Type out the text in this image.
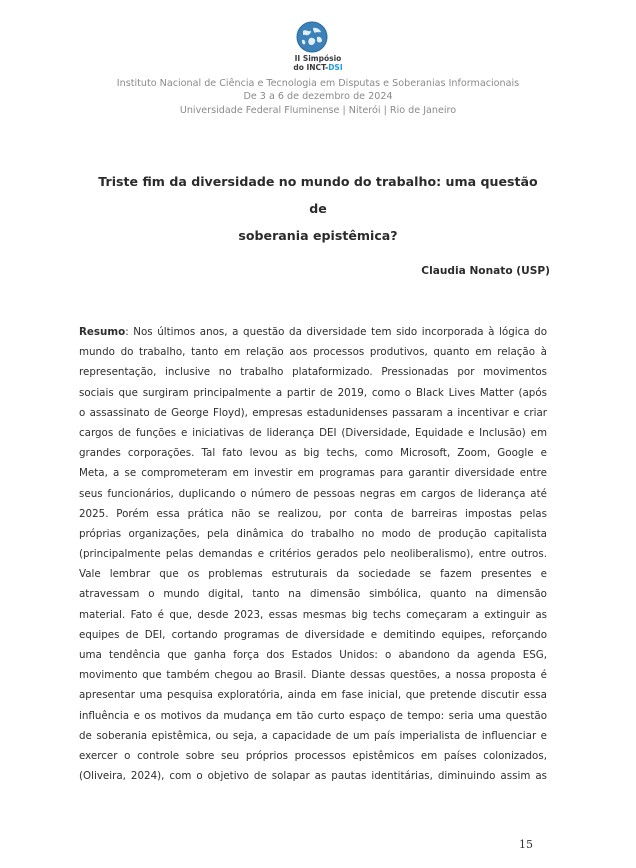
II Simpósio
do INCT-DSI
Instituto Nacional de Ciência e Tecnologia em Disputas e Soberanias Informacionais
De 3 a 6 de dezembro de 2024
Universidade Federal Fluminense | Niterói | Rio de Janeiro
Triste fim da diversidade no mundo do trabalho: uma questão de
soberania epistêmica?
Claudia Nonato (USP)
Resumo: Nos últimos anos, a questão da diversidade tem sido incorporada à lógica do
mundo do trabalho, tanto em relação aos processos produtivos, quanto em relação à
representação, inclusive no trabalho plataformizado. Pressionadas por movimentos
sociais que surgiram principalmente a partir de 2019, como o Black Lives Matter (após
o assassinato de George Floyd), empresas estadunidenses passaram a incentivar e criar
cargos de funções e iniciativas de liderança DEI (Diversidade, Equidade e Inclusão) em
grandes corporações. Tal fato levou as big techs, como Microsoft, Zoom, Google e
Meta, a se comprometeram em investir em programas para garantir diversidade entre
seus funcionários, duplicando o número de pessoas negras em cargos de liderança até
2025. Porém essa prática não se realizou, por conta de barreiras impostas pelas
próprias organizações, pela dinâmica do trabalho no modo de produção capitalista
(principalmente pelas demandas e critérios gerados pelo neoliberalismo), entre outros.
Vale lembrar que os problemas estruturais da sociedade se fazem presentes e
atravessam o mundo digital, tanto na dimensão simbólica, quanto na dimensão
material. Fato é que, desde 2023, essas mesmas big techs começaram a extinguir as
equipes de DEI, cortando programas de diversidade e demitindo equipes, reforçando
uma tendência que ganha força dos Estados Unidos: o abandono da agenda ESG,
movimento que também chegou ao Brasil. Diante dessas questões, a nossa proposta é
apresentar uma pesquisa exploratória, ainda em fase inicial, que pretende discutir essa
influência e os motivos da mudança em tão curto espaço de tempo: seria uma questão
de soberania epistêmica, ou seja, a capacidade de um país imperialista de influenciar e
exercer o controle sobre seu próprios processos epistêmicos em países colonizados,
(Oliveira, 2024), com o objetivo de solapar as pautas identitárias, diminuindo assim as
15
